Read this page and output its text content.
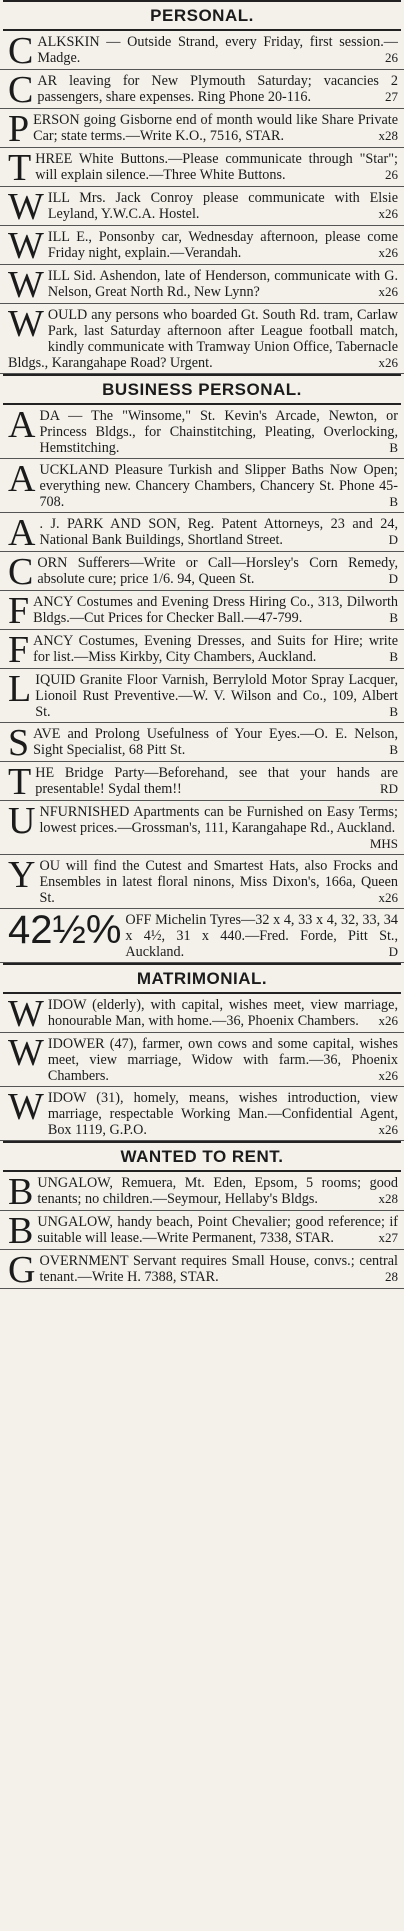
PERSONAL.
CALKSKIN — Outside Strand, every Friday, first session.—Madge.	26
CAR leaving for New Plymouth Saturday; vacancies 2 passengers, share expenses. Ring Phone 20-116.	27
PERSON going Gisborne end of month would like Share Private Car; state terms.—Write K.O., 7516, STAR.	x28
THREE White Buttons.—Please communicate through "Star"; will explain silence.—Three White Buttons.	26
WILL Mrs. Jack Conroy please communicate with Elsie Leyland, Y.W.C.A. Hostel.	x26
WILL E., Ponsonby car, Wednesday afternoon, please come Friday night, explain.—Verandah.	x26
WILL Sid. Ashendon, late of Henderson, communicate with G. Nelson, Great North Rd., New Lynn?	x26
WOULD any persons who boarded Gt. South Rd. tram, Carlaw Park, last Saturday afternoon after League football match, kindly communicate with Tramway Union Office, Tabernacle Bldgs., Karangahape Road? Urgent.	x26
BUSINESS PERSONAL.
ADA — The "Winsome," St. Kevin's Arcade, Newton, or Princess Bldgs., for Chainstitching, Pleating, Overlocking, Hemstitching.	B
AUCKLAND Pleasure Turkish and Slipper Baths Now Open; everything new. Chancery Chambers, Chancery St. Phone 45-708.	B
A . J. PARK AND SON, Reg. Patent Attorneys, 23 and 24, National Bank Buildings, Shortland Street.	D
CORN Sufferers—Write or Call—Horsley's Corn Remedy, absolute cure; price 1/6. 94, Queen St.	D
FANCY Costumes and Evening Dress Hiring Co., 313, Dilworth Bldgs.—Cut Prices for Checker Ball.—47-799.	B
FANCY Costumes, Evening Dresses, and Suits for Hire; write for list.—Miss Kirkby, City Chambers, Auckland.	B
LIQUID Granite Floor Varnish, Berrylold Motor Spray Lacquer, Lionoil Rust Preventive.—W. V. Wilson and Co., 109, Albert St.	B
SAVE and Prolong Usefulness of Your Eyes.—O. E. Nelson, Sight Specialist, 68 Pitt St.	B
THE Bridge Party—Beforehand, see that your hands are presentable! Sydal them!!	RD
UNFURNISHED Apartments can be Furnished on Easy Terms; lowest prices.—Grossman's, 111, Karangahape Rd., Auckland.
MHS
YOU will find the Cutest and Smartest Hats, also Frocks and Ensembles in latest floral ninons, Miss Dixon's, 166a, Queen St.	x26
42½% OFF Michelin Tyres—32 x 4, 33 x 4, 32, 33, 34 x 4½, 31 x 440.—Fred. Forde, Pitt St., Auckland.	D
MATRIMONIAL.
WIDOW (elderly), with capital, wishes meet, view marriage, honourable Man, with home.—36, Phoenix Chambers. x26
WIDOWER (47), farmer, own cows and some capital, wishes meet, view marriage, Widow with farm.—36, Phoenix Chambers.	x26
WIDOW (31), homely, means, wishes introduction, view marriage, respectable Working Man.—Confidential Agent, Box 1119, G.P.O.	x26
WANTED TO RENT.
BUNGALOW, Remuera, Mt. Eden, Epsom, 5 rooms; good tenants; no children.—Seymour, Hellaby's Bldgs.	x28
BUNGALOW, handy beach, Point Chevalier; good reference; if suitable will lease.—Write Permanent, 7338, STAR.	x27
GOVERNMENT Servant requires Small House, convs.; central tenant.—Write H. 7388, STAR.	28
